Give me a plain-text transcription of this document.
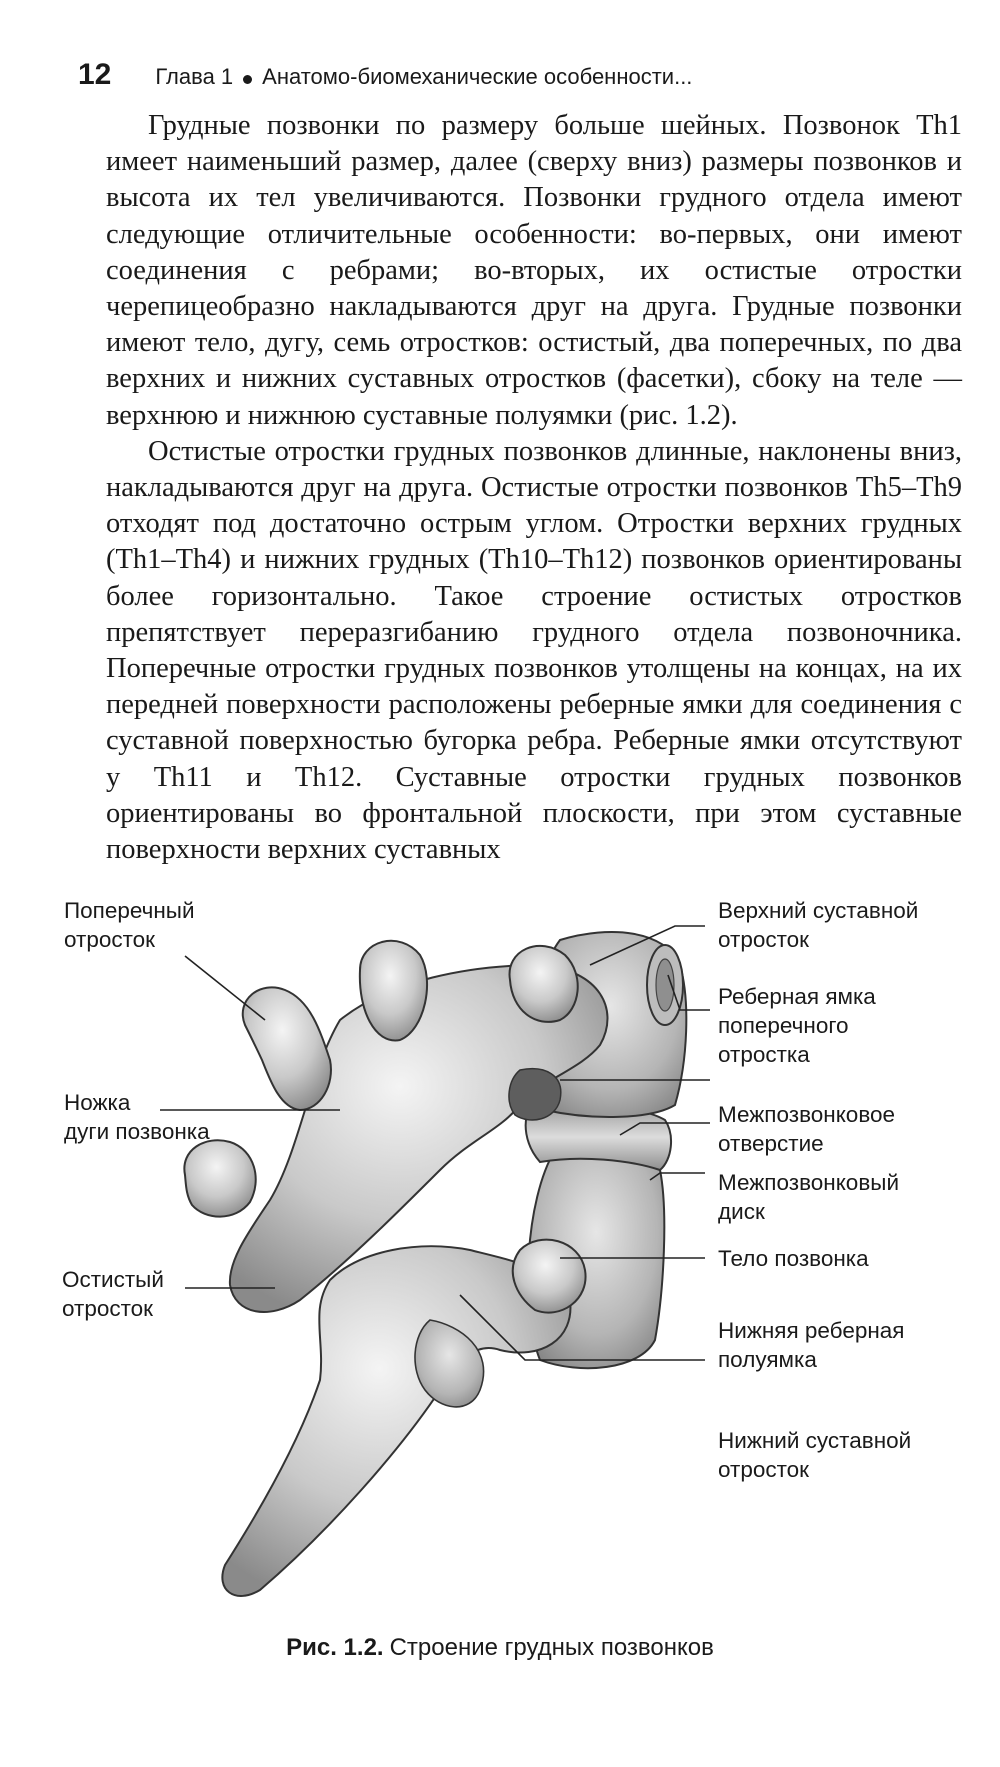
12 Глава 1 Анатомо-биомеханические особенности...

Грудные позвонки по размеру больше шейных. Позвонок Th1 имеет наименьший размер, далее (сверху вниз) размеры позвонков и высота их тел увеличиваются. Позвонки грудного отдела имеют следующие отличительные особенности: во-первых, они имеют соединения с ребрами; во-вторых, их остистые отростки черепицеобразно накладываются друг на друга. Грудные позвонки имеют тело, дугу, семь отростков: остистый, два поперечных, по два верхних и нижних суставных отростков (фасетки), сбоку на теле — верхнюю и нижнюю суставные полуямки (рис. 1.2).

Остистые отростки грудных позвонков длинные, наклонены вниз, накладываются друг на друга. Остистые отростки позвонков Th5–Th9 отходят под достаточно острым углом. Отростки верхних грудных (Th1–Th4) и нижних грудных (Th10–Th12) позвонков ориентированы более горизонтально. Такое строение остистых отростков препятствует переразгибанию грудного отдела позвоночника. Поперечные отростки грудных позвонков утолщены на концах, на их передней поверхности расположены реберные ямки для соединения с суставной поверхностью бугорка ребра. Реберные ямки отсутствуют у Th11 и Th12. Суставные отростки грудных позвонков ориентированы во фронтальной плоскости, при этом суставные поверхности верхних суставных

Поперечный
отросток
Ножка
дуги позвонка
Остистый
отросток
Верхний суставной
отросток
Реберная ямка
поперечного
отростка
Межпозвонковое
отверстие
Межпозвонковый
диск
Тело позвонка
Нижняя реберная
полуямка
Нижний суставной
отросток
Рис. 1.2. Строение грудных позвонков
